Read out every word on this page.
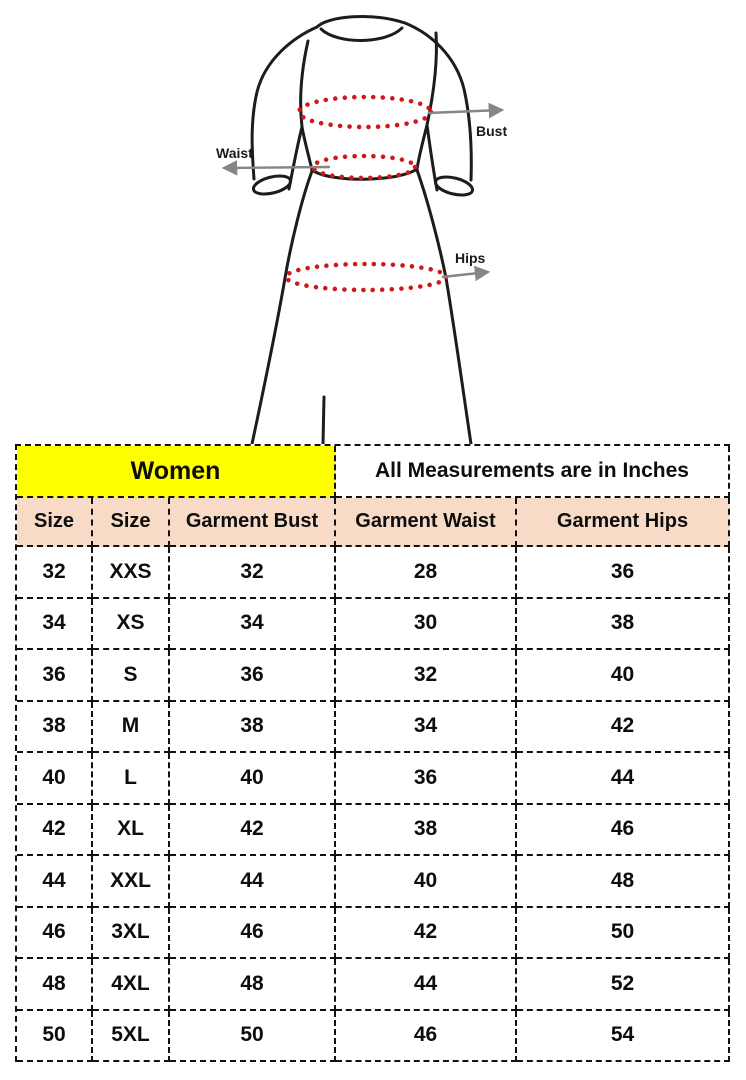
Bust
Waist
Hips
Women	All Measurements are in Inches
Size	Size	Garment Bust	Garment Waist	Garment Hips
32	XXS	32	28	36
34	XS	34	30	38
36	S	36	32	40
38	M	38	34	42
40	L	40	36	44
42	XL	42	38	46
44	XXL	44	40	48
46	3XL	46	42	50
48	4XL	48	44	52
50	5XL	50	46	54
